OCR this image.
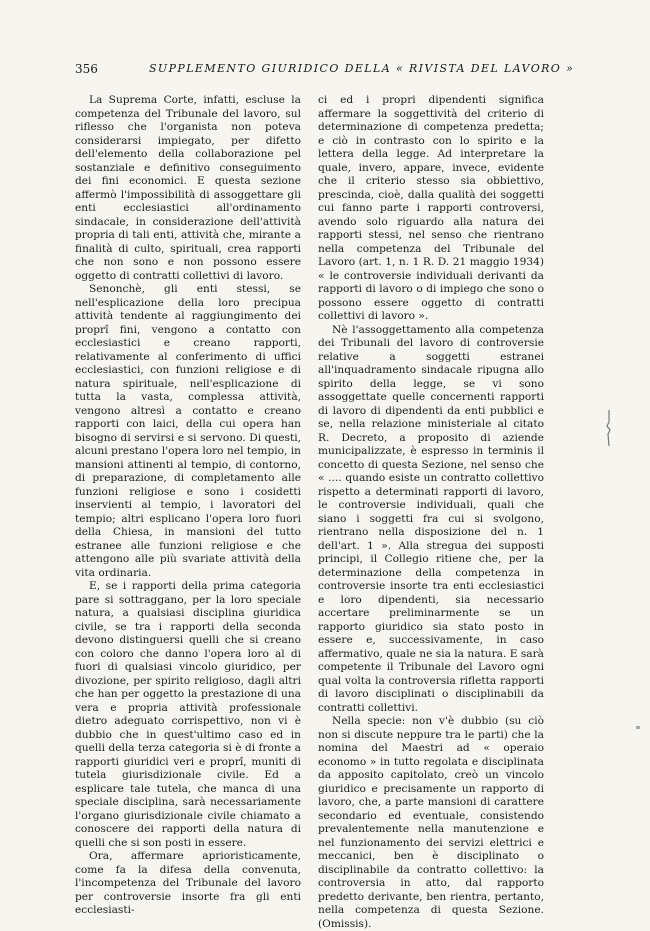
356	SUPPLEMENTO GIURIDICO DELLA « RIVISTA DEL LAVORO »

La Suprema Corte, infatti, escluse la competenza del Tribunale del lavoro, sul riflesso che l'organista non poteva considerarsi impiegato, per difetto dell'elemento della collaborazione pel sostanziale e definitivo conseguimento dei fini economici. E questa sezione affermò l'impossibilità di assoggettare gli enti ecclesiastici all'ordinamento sindacale, in considerazione dell'attività propria di tali enti, attività che, mirante a finalità di culto, spirituali, crea rapporti che non sono e non possono essere oggetto di contratti collettivi di lavoro.

Senonchè, gli enti stessi, se nell'esplicazione della loro precipua attività tendente al raggiungimento dei proprî fini, vengono a contatto con ecclesiastici e creano rapporti, relativamente al conferimento di uffici ecclesiastici, con funzioni religiose e di natura spirituale, nell'esplicazione di tutta la vasta, complessa attività, vengono altresì a contatto e creano rapporti con laici, della cui opera han bisogno di servirsi e si servono. Di questi, alcuni prestano l'opera loro nel tempio, in mansioni attinenti al tempio, di contorno, di preparazione, di completamento alle funzioni religiose e sono i cosidetti inservienti al tempio, i lavoratori del tempio; altri esplicano l'opera loro fuori della Chiesa, in mansioni del tutto estranee alle funzioni religiose e che attengono alle più svariate attività della vita ordinaria.

E, se i rapporti della prima categoria pare si sottraggano, per la loro speciale natura, a qualsiasi disciplina giuridica civile, se tra i rapporti della seconda devono distinguersi quelli che si creano con coloro che danno l'opera loro al di fuori di qualsiasi vincolo giuridico, per divozione, per spirito religioso, dagli altri che han per oggetto la prestazione di una vera e propria attività professionale dietro adeguato corrispettivo, non vi è dubbio che in quest'ultimo caso ed in quelli della terza categoria si è di fronte a rapporti giuridici veri e proprî, muniti di tutela giurisdizionale civile. Ed a esplicare tale tutela, che manca di una speciale disciplina, sarà necessariamente l'organo giurisdizionale civile chiamato a conoscere dei rapporti della natura di quelli che si son posti in essere.

Ora, affermare aprioristicamente, come fa la difesa della convenuta, l'incompetenza del Tribunale del lavoro per controversie insorte fra gli enti ecclesiasti-

ci ed i propri dipendenti significa affermare la soggettività del criterio di determinazione di competenza predetta; e ciò in contrasto con lo spirito e la lettera della legge. Ad interpretare la quale, invero, appare, invece, evidente che il criterio stesso sia obbiettivo, prescinda, cioè, dalla qualità dei soggetti cui fanno parte i rapporti controversi, avendo solo riguardo alla natura dei rapporti stessi, nel senso che rientrano nella competenza del Tribunale del Lavoro (art. 1, n. 1 R. D. 21 maggio 1934) « le controversie individuali derivanti da rapporti di lavoro o di impiego che sono o possono essere oggetto di contratti collettivi di lavoro ».

Nè l'assoggettamento alla competenza dei Tribunali del lavoro di controversie relative a soggetti estranei all'inquadramento sindacale ripugna allo spirito della legge, se vi sono assoggettate quelle concernenti rapporti di lavoro di dipendenti da enti pubblici e se, nella relazione ministeriale al citato R. Decreto, a proposito di aziende municipalizzate, è espresso in terminis il concetto di questa Sezione, nel senso che « .... quando esiste un contratto collettivo rispetto a determinati rapporti di lavoro, le controversie individuali, quali che siano i soggetti fra cui si svolgono, rientrano nella disposizione del n. 1 dell'art. 1 ». Alla stregua dei supposti principi, il Collegio ritiene che, per la determinazione della competenza in controversie insorte tra enti ecclesiastici e loro dipendenti, sia necessario accertare preliminarmente se un rapporto giuridico sia stato posto in essere e, successivamente, in caso affermativo, quale ne sia la natura. E sarà competente il Tribunale del Lavoro ogni qual volta la controversia rifletta rapporti di lavoro disciplinati o disciplinabili da contratti collettivi.

Nella specie: non v'è dubbio (su ciò non si discute neppure tra le parti) che la nomina del Maestri ad « operaio economo » in tutto regolata e disciplinata da apposito capitolato, creò un vincolo giuridico e precisamente un rapporto di lavoro, che, a parte mansioni di carattere secondario ed eventuale, consistendo prevalentemente nella manutenzione e nel funzionamento dei servizi elettrici e meccanici, ben è disciplinato o disciplinabile da contratto collettivo: la controversia in atto, dal rapporto predetto derivante, ben rientra, pertanto, nella competenza di questa Sezione. (Omissis).
